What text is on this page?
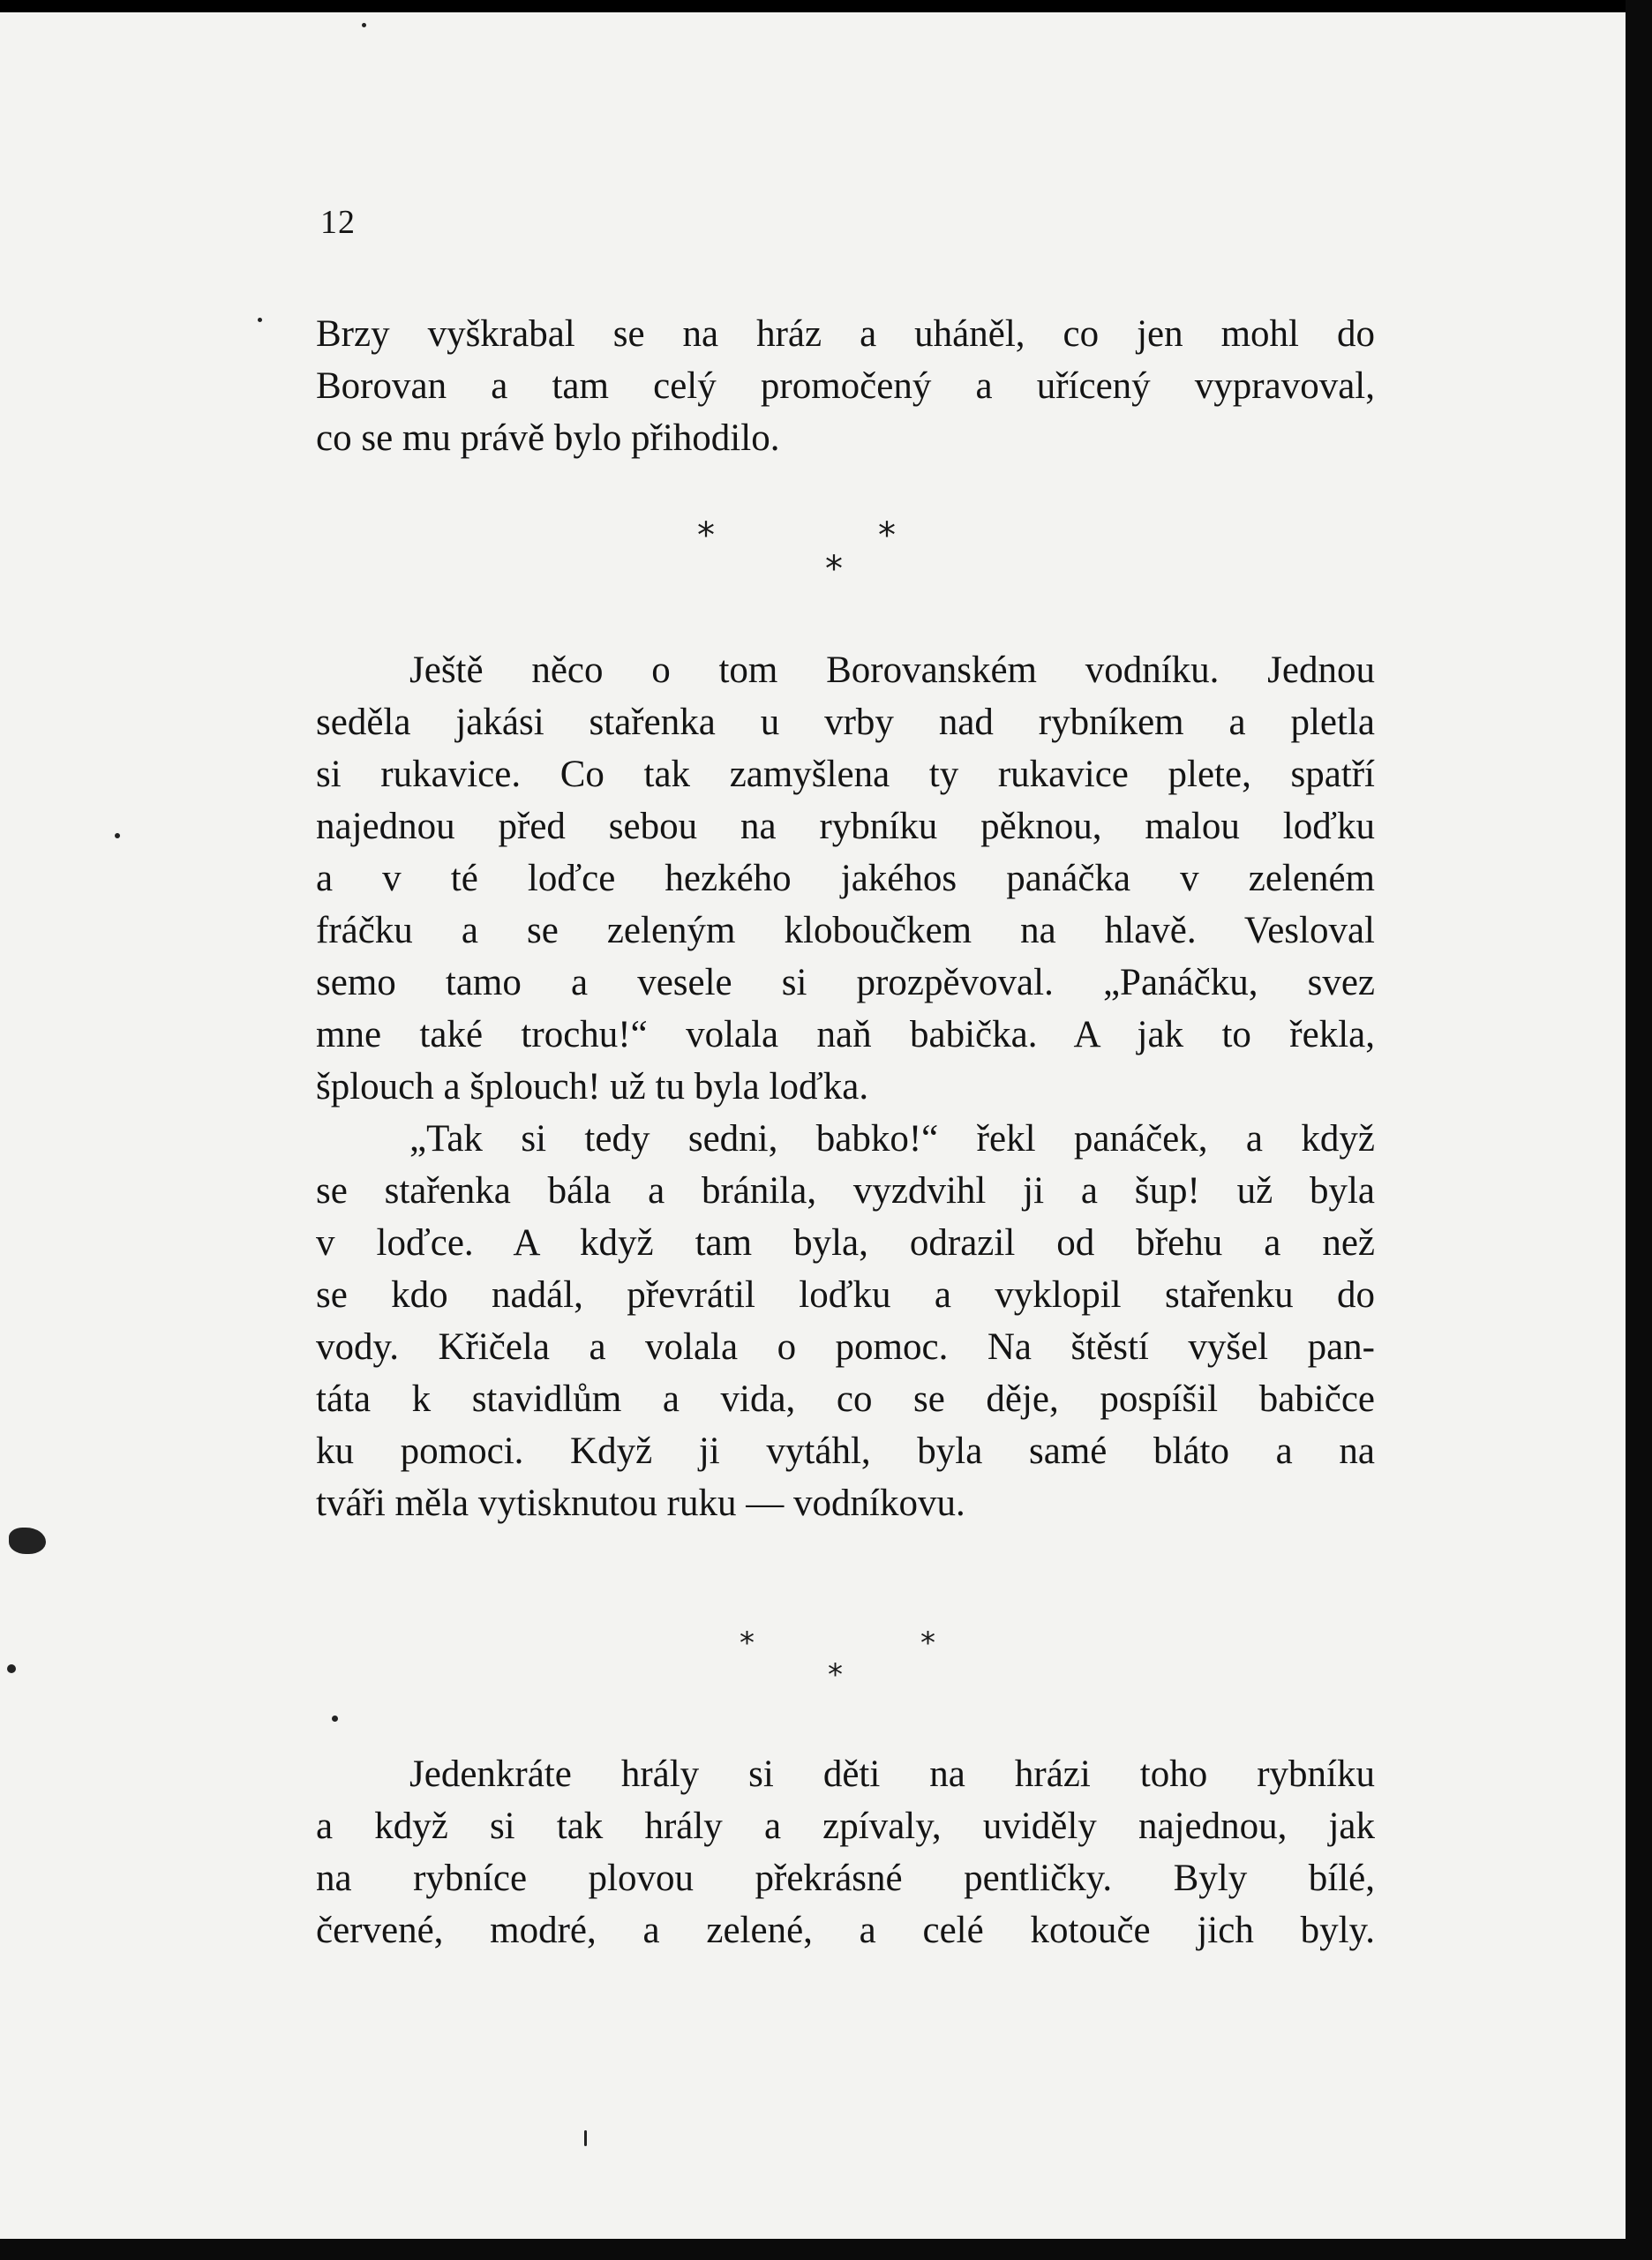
12
Brzy vyškrabal se na hráz a uháněl, co jen mohl do
Borovan a tam celý promočený a uřícený vypravoval,
co se mu právě bylo přihodilo.
*	*
*
Ještě něco o tom Borovanském vodníku. Jednou
seděla jakási stařenka u vrby nad rybníkem a pletla
si rukavice. Co tak zamyšlena ty rukavice plete, spatří
najednou před sebou na rybníku pěknou, malou loďku
a v té loďce hezkého jakéhos panáčka v zeleném
fráčku a se zeleným kloboučkem na hlavě. Vesloval
semo tamo a vesele si prozpěvoval. „Panáčku, svez
mne také trochu!“ volala naň babička. A jak to řekla,
šplouch a šplouch! už tu byla loďka.
„Tak si tedy sedni, babko!“ řekl panáček, a když
se stařenka bála a bránila, vyzdvihl ji a šup! už byla
v loďce. A když tam byla, odrazil od břehu a než
se kdo nadál, převrátil loďku a vyklopil stařenku do
vody. Křičela a volala o pomoc. Na štěstí vyšel pan-
táta k stavidlům a vida, co se děje, pospíšil babičce
ku pomoci. Když ji vytáhl, byla samé bláto a na
tváři měla vytisknutou ruku — vodníkovu.
*	*
*
Jedenkráte hrály si děti na hrázi toho rybníku
a když si tak hrály a zpívaly, uviděly najednou, jak
na rybníce plovou překrásné pentličky. Byly bílé,
červené, modré, a zelené, a celé kotouče jich byly.
